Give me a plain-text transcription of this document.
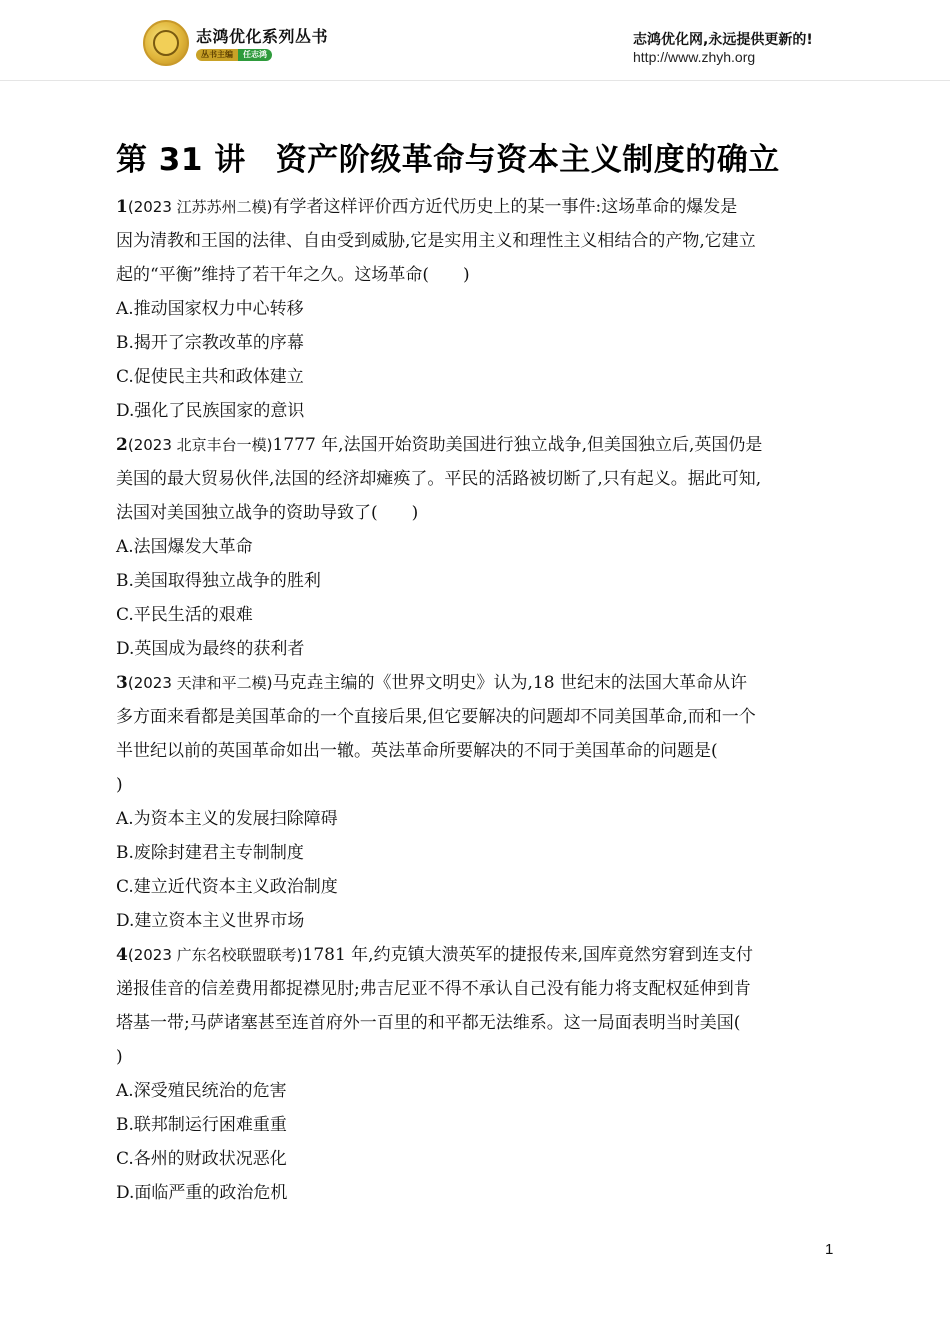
志鸿优化系列丛书
丛书主编	任志鸿
志鸿优化网,永远提供更新的!
http://www.zhyh.org
第 31 讲 资产阶级革命与资本主义制度的确立
1(2023 江苏苏州二模)有学者这样评价西方近代历史上的某一事件:这场革命的爆发是
因为清教和王国的法律、自由受到威胁,它是实用主义和理性主义相结合的产物,它建立
起的“平衡”维持了若干年之久。这场革命(　　)
A.推动国家权力中心转移
B.揭开了宗教改革的序幕
C.促使民主共和政体建立
D.强化了民族国家的意识
2(2023 北京丰台一模)1777 年,法国开始资助美国进行独立战争,但美国独立后,英国仍是
美国的最大贸易伙伴,法国的经济却瘫痪了。平民的活路被切断了,只有起义。据此可知,
法国对美国独立战争的资助导致了(　　)
A.法国爆发大革命
B.美国取得独立战争的胜利
C.平民生活的艰难
D.英国成为最终的获利者
3(2023 天津和平二模)马克垚主编的《世界文明史》认为,18 世纪末的法国大革命从许
多方面来看都是美国革命的一个直接后果,但它要解决的问题却不同美国革命,而和一个
半世纪以前的英国革命如出一辙。英法革命所要解决的不同于美国革命的问题是(
)
A.为资本主义的发展扫除障碍
B.废除封建君主专制制度
C.建立近代资本主义政治制度
D.建立资本主义世界市场
4(2023 广东名校联盟联考)1781 年,约克镇大溃英军的捷报传来,国库竟然穷窘到连支付
递报佳音的信差费用都捉襟见肘;弗吉尼亚不得不承认自己没有能力将支配权延伸到肯
塔基一带;马萨诸塞甚至连首府外一百里的和平都无法维系。这一局面表明当时美国(
)
A.深受殖民统治的危害
B.联邦制运行困难重重
C.各州的财政状况恶化
D.面临严重的政治危机
1
